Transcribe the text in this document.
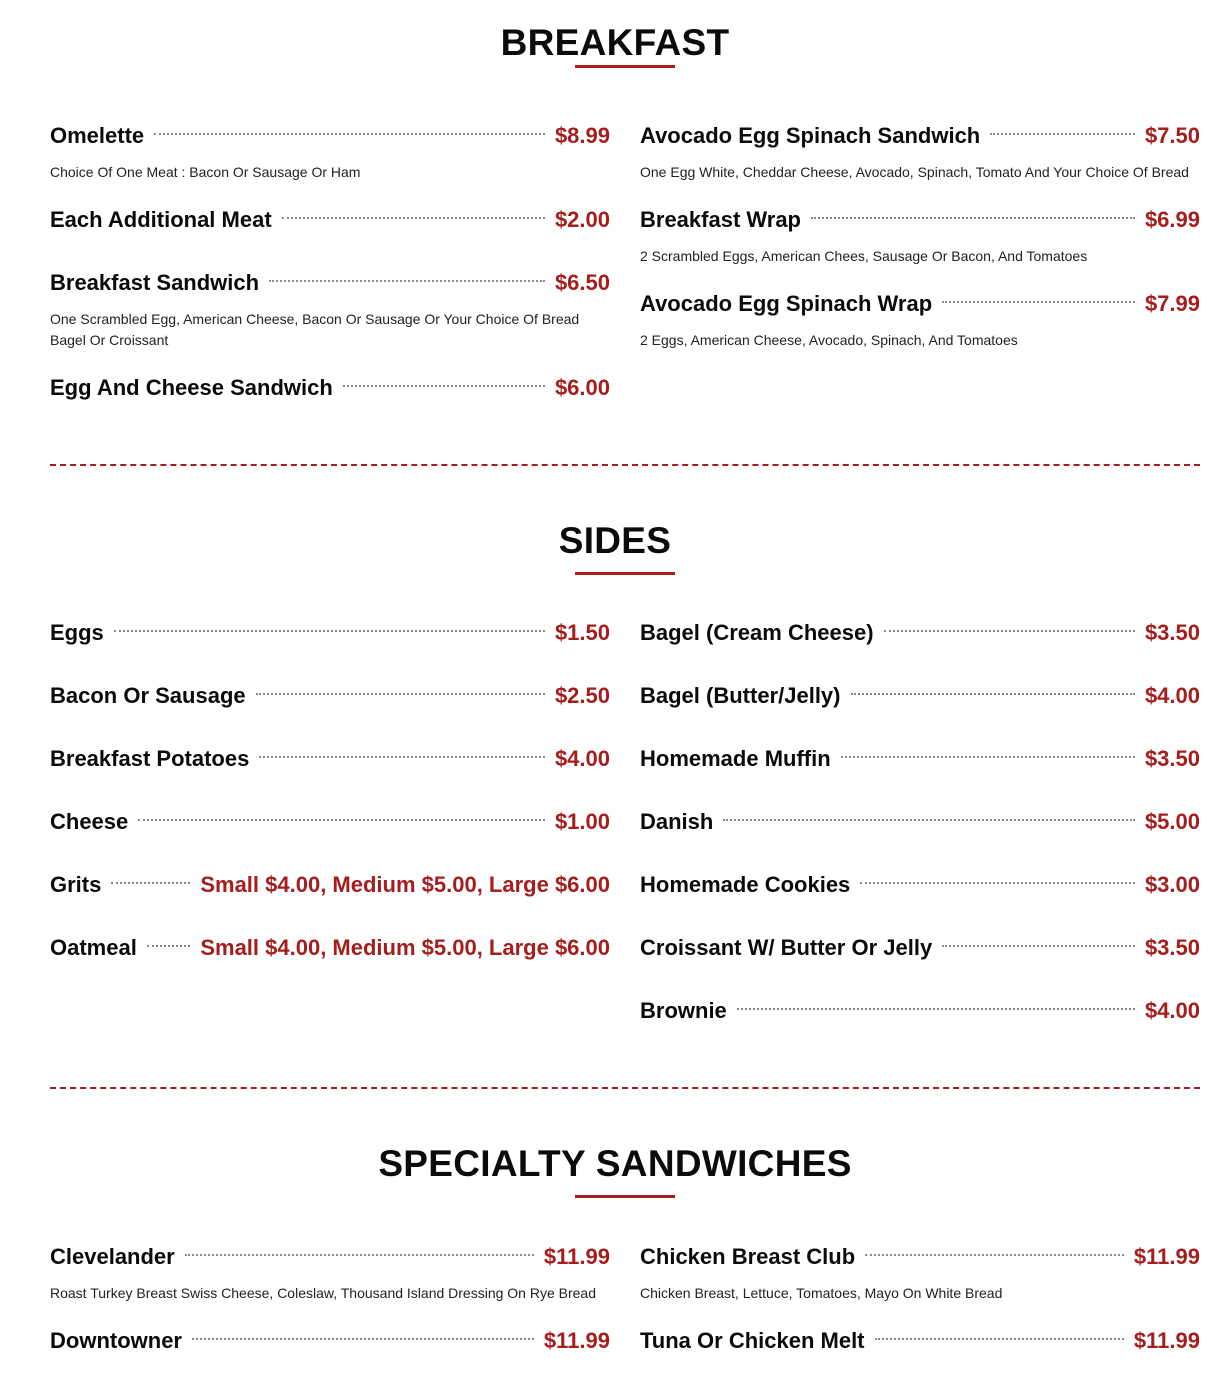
BREAKFAST
Omelette	$8.99
Choice Of One Meat : Bacon Or Sausage Or Ham
Each Additional Meat	$2.00
Breakfast Sandwich	$6.50
One Scrambled Egg, American Cheese, Bacon Or Sausage Or Your Choice Of Bread Bagel Or Croissant
Egg And Cheese Sandwich	$6.00
Avocado Egg Spinach Sandwich	$7.50
One Egg White, Cheddar Cheese, Avocado, Spinach, Tomato And Your Choice Of Bread
Breakfast Wrap	$6.99
2 Scrambled Eggs, American Chees, Sausage Or Bacon, And Tomatoes
Avocado Egg Spinach Wrap	$7.99
2 Eggs, American Cheese, Avocado, Spinach, And Tomatoes
SIDES
Eggs	$1.50
Bacon Or Sausage	$2.50
Breakfast Potatoes	$4.00
Cheese	$1.00
Grits	Small $4.00, Medium $5.00, Large $6.00
Oatmeal	Small $4.00, Medium $5.00, Large $6.00
Bagel (Cream Cheese)	$3.50
Bagel (Butter/Jelly)	$4.00
Homemade Muffin	$3.50
Danish	$5.00
Homemade Cookies	$3.00
Croissant W/ Butter Or Jelly	$3.50
Brownie	$4.00
SPECIALTY SANDWICHES
Clevelander	$11.99
Roast Turkey Breast Swiss Cheese, Coleslaw, Thousand Island Dressing On Rye Bread
Downtowner	$11.99
Chicken Breast Club	$11.99
Chicken Breast, Lettuce, Tomatoes, Mayo On White Bread
Tuna Or Chicken Melt	$11.99
